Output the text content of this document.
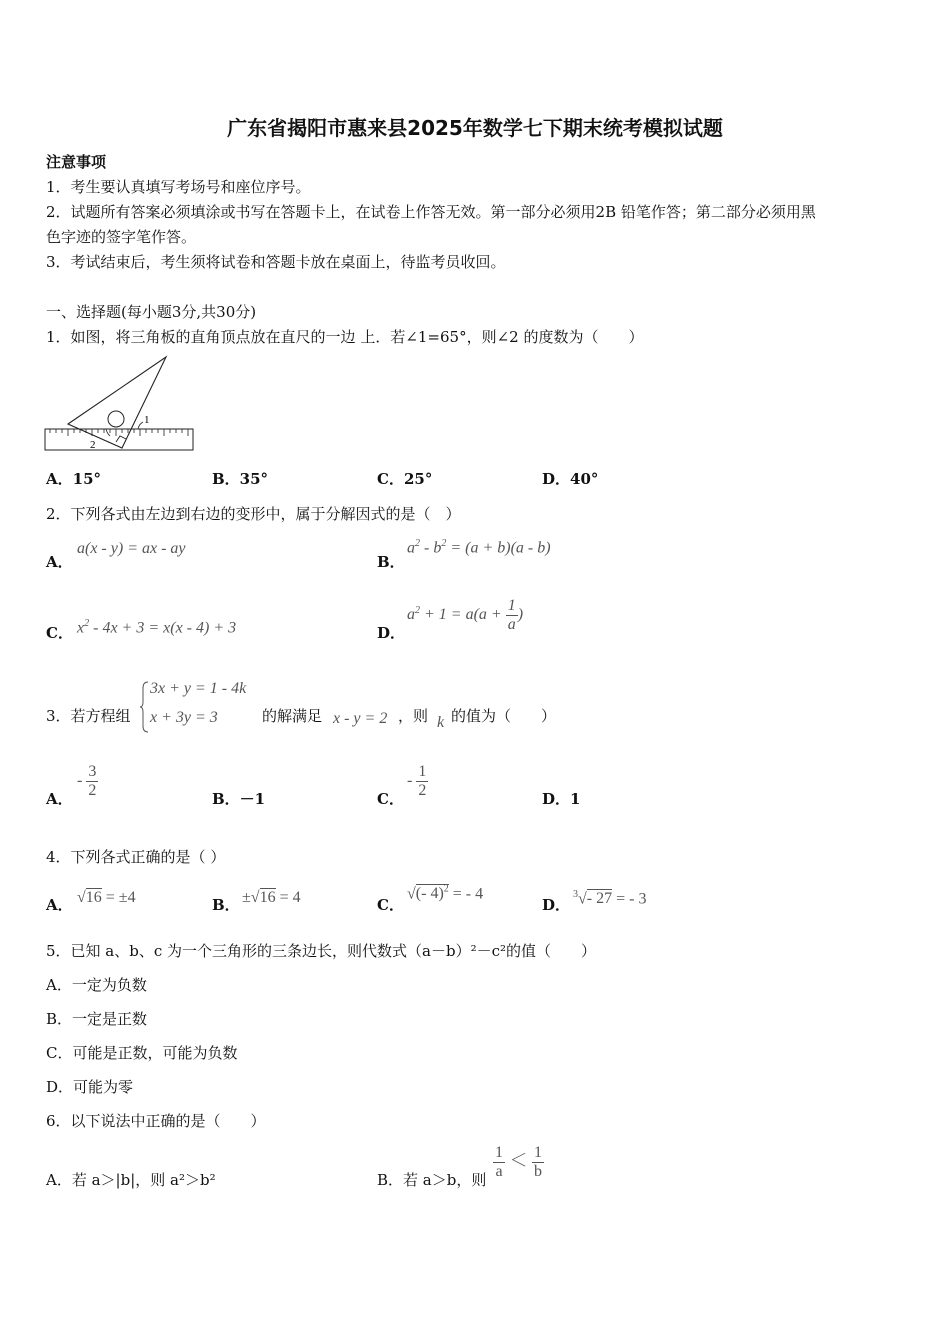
广东省揭阳市惠来县2025年数学七下期末统考模拟试题
注意事项
1．考生要认真填写考场号和座位序号。
2．试题所有答案必须填涂或书写在答题卡上，在试卷上作答无效。第一部分必须用2B 铅笔作答；第二部分必须用黑
色字迹的签字笔作答。
3．考试结束后，考生须将试卷和答题卡放在桌面上，待监考员收回。
一、选择题(每小题3分,共30分)
1．如图，将三角板的直角顶点放在直尺的一边 上．若∠1=65°，则∠2 的度数为（　　）
1
2
A．15°	B．35°	C．25°	D．40°
2．下列各式由左边到右边的变形中，属于分解因式的是（　）
A．
a(x - y) = ax - ay
B．
$a^2 - b^2 = (a + b)(a - b)$
C． $x^2 - 4x + 3 = x(x - 4) + 3$	D．
$a^2 + 1 = a(a + \frac{1}{a}$ )
3．若方程组
3x + y = 1 - 4k
x + 3y = 3	的解满足 x - y = 2 ，则 k 的值为（　　）
A．
- $\frac{3}{2}$	B．－1	C．
- $\frac{1}{2}$	D．1
4．下列各式正确的是（ ）
A． √16 = ±4	B． ±√16 = 4	C．
√(- 4)$^2$ = - 4
D．
$^3$√- 27 = - 3
5．已知 a、b、c 为一个三角形的三条边长，则代数式（a－b）²－c²的值（　　）
A．一定为负数
B．一定是正数
C．可能是正数，可能为负数
D．可能为零
6．以下说法中正确的是（　　）
A．若 a＞|b|，则 a²＞b²	B．若 a＞b，则 $\frac{1}{a} < \frac{1}{b}$
